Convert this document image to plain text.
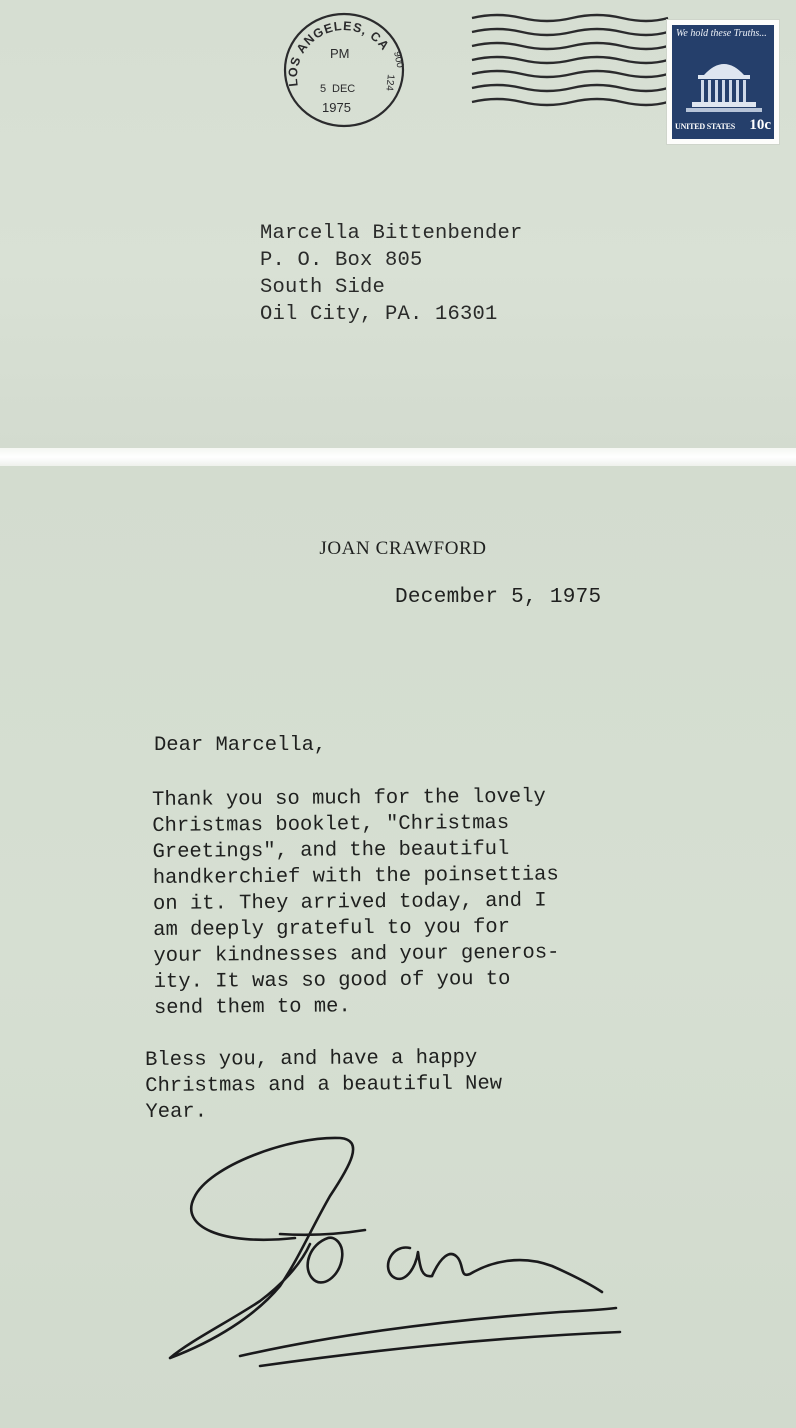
LOS ANGELES, CA
900
124
PM
5 DEC
1975
We hold these Truths...
UNITED STATES 10c
Marcella Bittenbender
P. O. Box 805
South Side
Oil City, PA. 16301
JOAN CRAWFORD
December 5, 1975
Dear Marcella,
Thank you so much for the lovely
Christmas booklet, "Christmas
Greetings", and the beautiful
handkerchief with the poinsettias
on it. They arrived today, and I
am deeply grateful to you for
your kindnesses and your generos-
ity. It was so good of you to
send them to me.
Bless you, and have a happy
Christmas and a beautiful New
Year.
